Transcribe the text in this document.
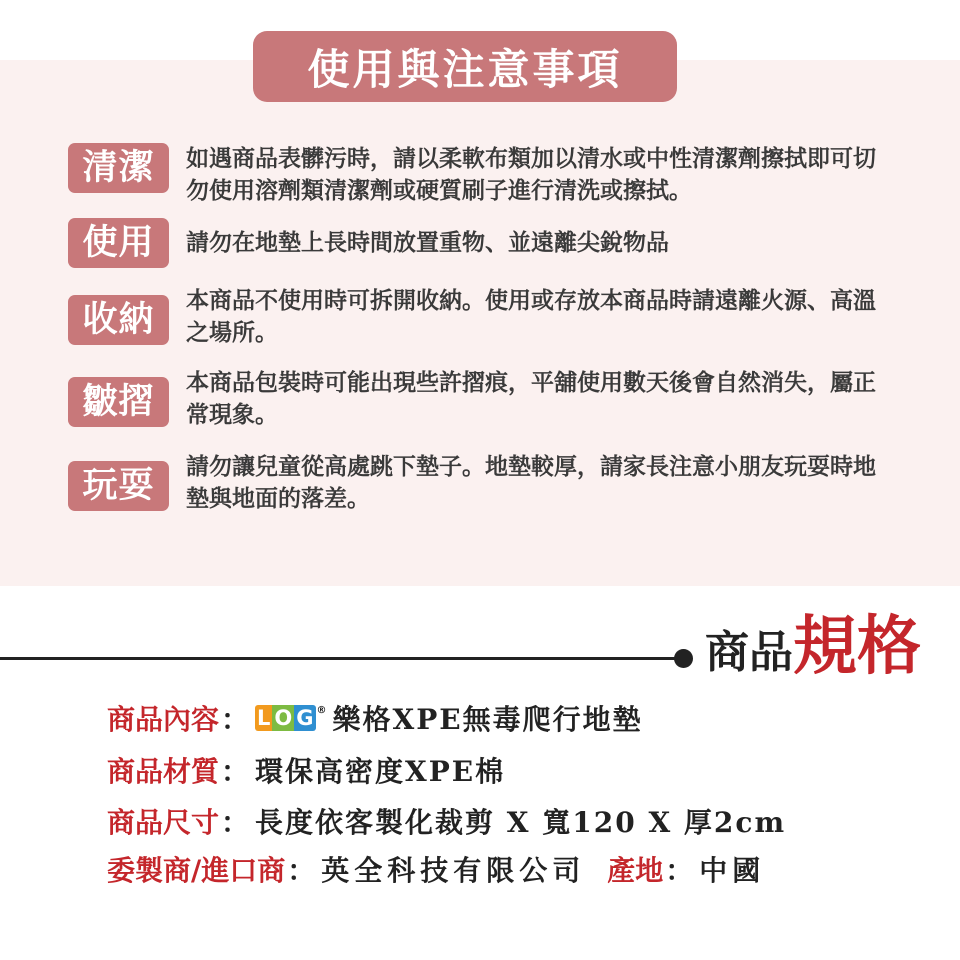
使用與注意事項
清潔	如遇商品表髒污時，請以柔軟布類加以清水或中性清潔劑擦拭即可切勿使用溶劑類清潔劑或硬質刷子進行清洗或擦拭。
使用	請勿在地墊上長時間放置重物、並遠離尖銳物品
收納	本商品不使用時可拆開收納。使用或存放本商品時請遠離火源、高溫之場所。
皺摺	本商品包裝時可能出現些許摺痕，平舖使用數天後會自然消失，屬正常現象。
玩耍	請勿讓兒童從高處跳下墊子。地墊較厚，請家長注意小朋友玩耍時地墊與地面的落差。
商品 規格
商品內容 ： L O G ® 樂格XPE無毒爬行地墊
商品材質 ： 環保高密度XPE棉
商品尺寸 ： 長度依客製化裁剪 X 寬120 X 厚2cm
委製商/進口商 ： 英全科技有限公司 產地 ： 中國
